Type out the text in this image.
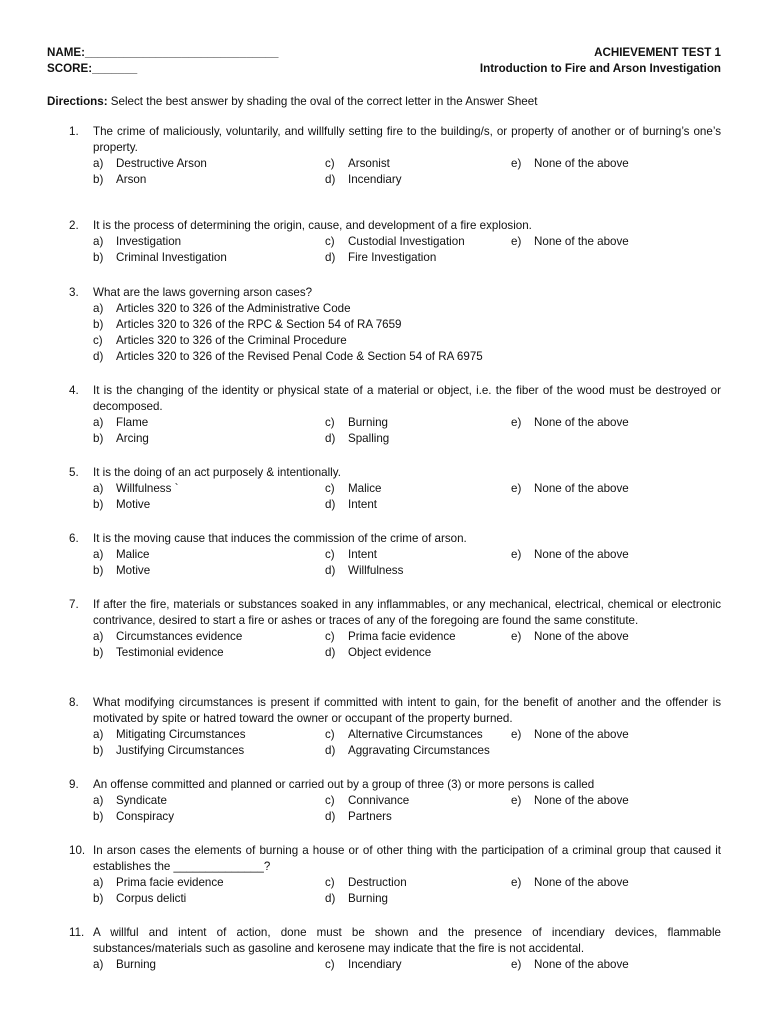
NAME:______________________________	ACHIEVEMENT TEST 1
SCORE:_______	Introduction to Fire and Arson Investigation
Directions: Select the best answer by shading the oval of the correct letter in the Answer Sheet
1.	The crime of maliciously, voluntarily, and willfully setting fire to the building/s, or property of another or of burning’s one’s property.
a) Destructive Arson	c) Arsonist	e) None of the above
b) Arson	d) Incendiary
2.	It is the process of determining the origin, cause, and development of a fire explosion.
a) Investigation	c) Custodial Investigation	e) None of the above
b) Criminal Investigation	d) Fire Investigation
3.	What are the laws governing arson cases?
a) Articles 320 to 326 of the Administrative Code
b) Articles 320 to 326 of the RPC & Section 54 of RA 7659
c) Articles 320 to 326 of the Criminal Procedure
d) Articles 320 to 326 of the Revised Penal Code & Section 54 of RA 6975
4.	It is the changing of the identity or physical state of a material or object, i.e. the fiber of the wood must be destroyed or decomposed.
a) Flame	c) Burning	e) None of the above
b) Arcing	d) Spalling
5.	It is the doing of an act purposely & intentionally.
a) Willfulness `	c) Malice	e) None of the above
b) Motive	d) Intent
6.	It is the moving cause that induces the commission of the crime of arson.
a) Malice	c) Intent	e) None of the above
b) Motive	d) Willfulness
7.	If after the fire, materials or substances soaked in any inflammables, or any mechanical, electrical, chemical or electronic contrivance, desired to start a fire or ashes or traces of any of the foregoing are found the same constitute.
a) Circumstances evidence	c) Prima facie evidence	e) None of the above
b) Testimonial evidence	d) Object evidence
8.	What modifying circumstances is present if committed with intent to gain, for the benefit of another and the offender is motivated by spite or hatred toward the owner or occupant of the property burned.
a) Mitigating Circumstances	c) Alternative Circumstances	e) None of the above
b) Justifying Circumstances	d) Aggravating Circumstances
9.	An offense committed and planned or carried out by a group of three (3) or more persons is called
a) Syndicate	c) Connivance	e) None of the above
b) Conspiracy	d) Partners
10. In arson cases the elements of burning a house or of other thing with the participation of a criminal group that caused it establishes the ______________?
a) Prima facie evidence	c) Destruction	e) None of the above
b) Corpus delicti	d) Burning
11. A willful and intent of action, done must be shown and the presence of incendiary devices, flammable substances/materials such as gasoline and kerosene may indicate that the fire is not accidental.
a) Burning	c) Incendiary	e) None of the above
